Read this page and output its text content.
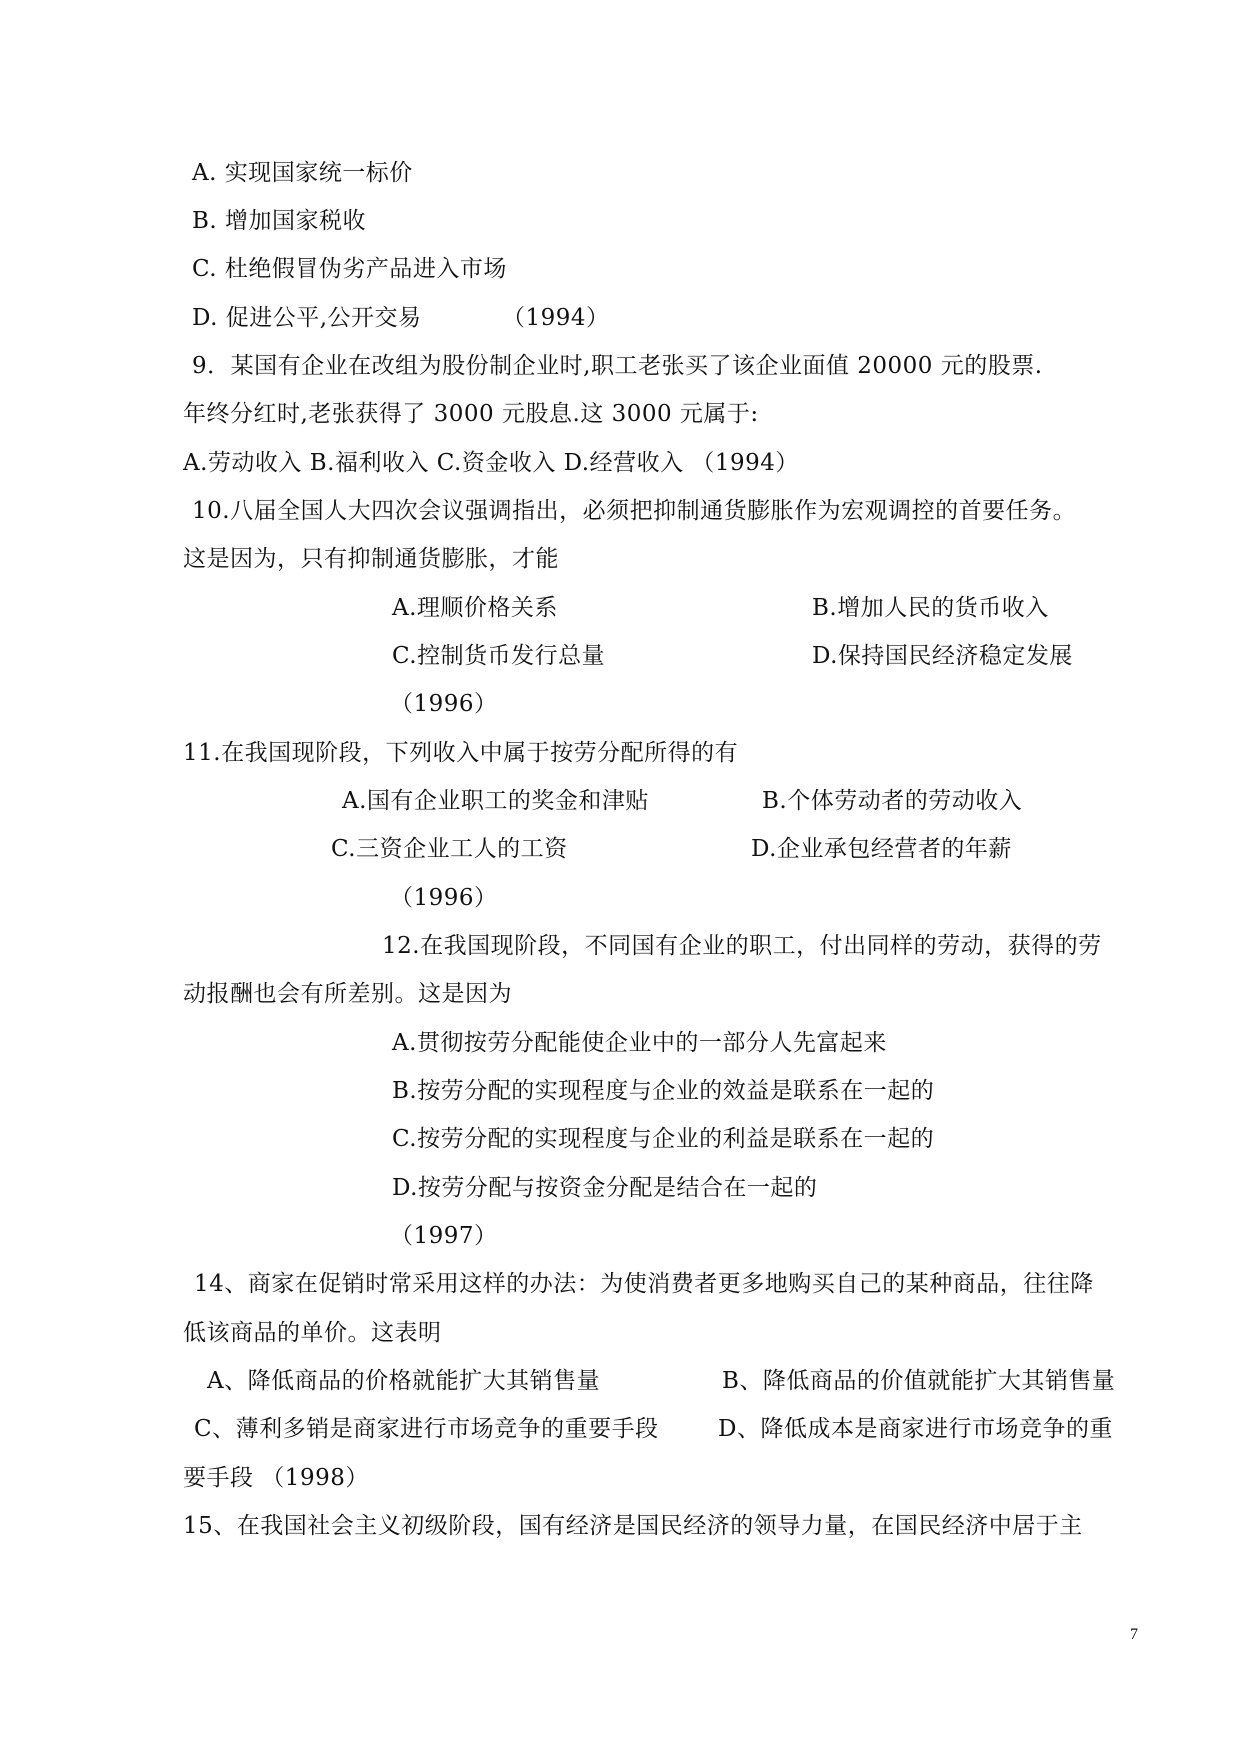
A. 实现国家统一标价
B. 增加国家税收
C. 杜绝假冒伪劣产品进入市场
D. 促进公平,公开交易	（1994）
9．某国有企业在改组为股份制企业时,职工老张买了该企业面值 20000 元的股票.
年终分红时,老张获得了 3000 元股息.这 3000 元属于:
A.劳动收入 B.福利收入 C.资金收入 D.经营收入 （1994）
10.八届全国人大四次会议强调指出，必须把抑制通货膨胀作为宏观调控的首要任务。
这是因为，只有抑制通货膨胀，才能
A.理顺价格关系	B.增加人民的货币收入
C.控制货币发行总量	D.保持国民经济稳定发展
（1996）
11.在我国现阶段，下列收入中属于按劳分配所得的有
A.国有企业职工的奖金和津贴	B.个体劳动者的劳动收入
C.三资企业工人的工资	D.企业承包经营者的年薪
（1996）
12.在我国现阶段，不同国有企业的职工，付出同样的劳动，获得的劳
动报酬也会有所差别。这是因为
A.贯彻按劳分配能使企业中的一部分人先富起来
B.按劳分配的实现程度与企业的效益是联系在一起的
C.按劳分配的实现程度与企业的利益是联系在一起的
D.按劳分配与按资金分配是结合在一起的
（1997）
14、商家在促销时常采用这样的办法：为使消费者更多地购买自己的某种商品，往往降
低该商品的单价。这表明
A、降低商品的价格就能扩大其销售量	B、降低商品的价值就能扩大其销售量
C、薄利多销是商家进行市场竞争的重要手段	D、降低成本是商家进行市场竞争的重
要手段 （1998）
15、在我国社会主义初级阶段，国有经济是国民经济的领导力量，在国民经济中居于主
7
